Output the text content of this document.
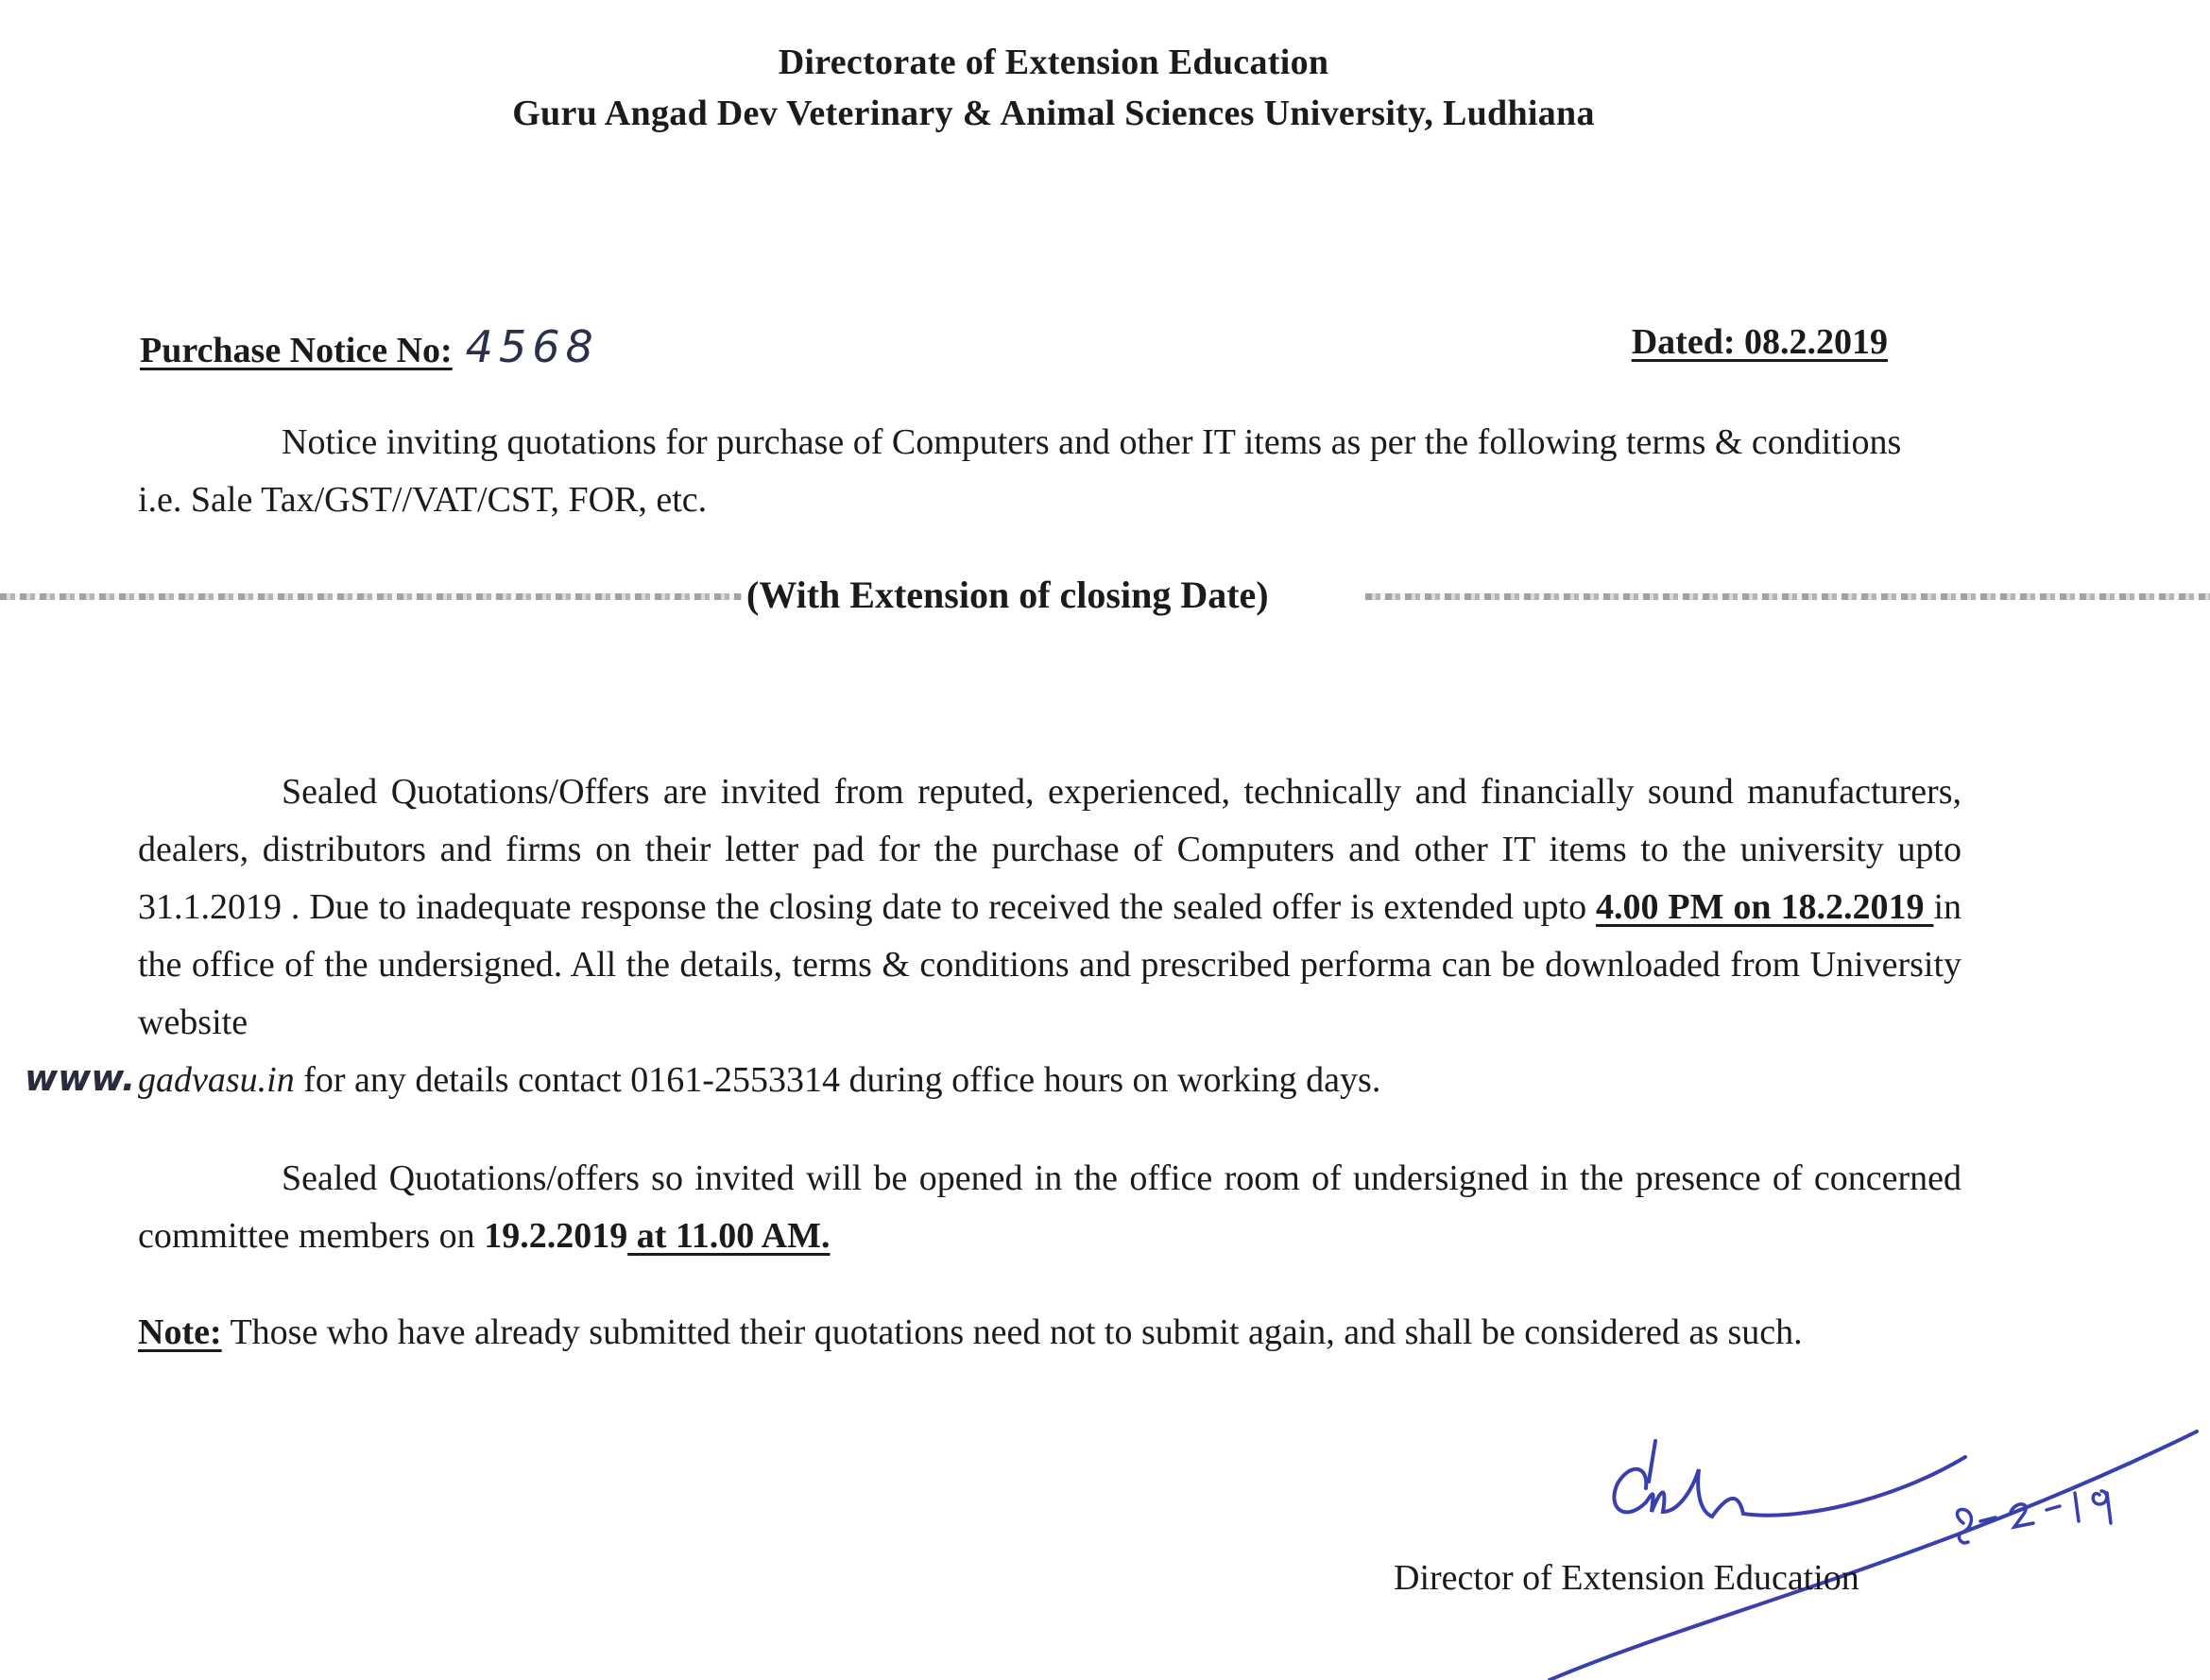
Directorate of Extension Education
Guru Angad Dev Veterinary & Animal Sciences University, Ludhiana
Purchase Notice No: 4568	Dated: 08.2.2019
Notice inviting quotations for purchase of Computers and other IT items as per the following terms & conditions i.e. Sale Tax/GST//VAT/CST, FOR, etc.
(With Extension of closing Date)
Sealed Quotations/Offers are invited from reputed, experienced, technically and financially sound manufacturers, dealers, distributors and firms on their letter pad for the purchase of Computers and other IT items to the university upto 31.1.2019 . Due to inadequate response the closing date to received the sealed offer is extended upto 4.00 PM on 18.2.2019 in the office of the undersigned. All the details, terms & conditions and prescribed performa can be downloaded from University website
gadvasu.in for any details contact 0161-2553314 during office hours on working days.
www.
Sealed Quotations/offers so invited will be opened in the office room of undersigned in the presence of concerned committee members on 19.2.2019 at 11.00 AM.
Note: Those who have already submitted their quotations need not to submit again, and shall be considered as such.
Director of Extension Education
